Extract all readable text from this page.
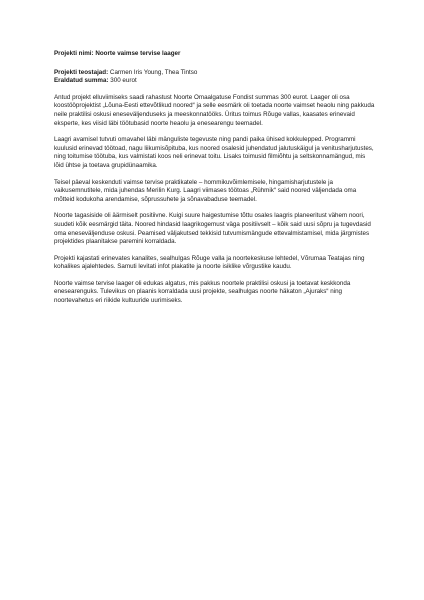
Projekti nimi: Noorte vaimse tervise laager
Projekti teostajad: Carmen Iris Young, Thea Tintso
Eraldatud summa: 300 eurot

Antud projekt elluviimiseks saadi rahastust Noorte Omaalgatuse Fondist summas 300 eurot. Laager oli osa koostööprojektist „Lõuna-Eesti ettevõtlikud noored“ ja selle eesmärk oli toetada noorte vaimset heaolu ning pakkuda neile praktilisi oskusi eneseväljenduseks ja meeskonnatööks. Üritus toimus Rõuge vallas, kaasates erinevaid eksperte, kes viisid läbi töötubasid noorte heaolu ja enesearengu teemadel.

Laagri avamisel tutvuti omavahel läbi mänguliste tegevuste ning pandi paika ühised kokkulepped. Programmi kuulusid erinevad töötoad, nagu liikumisõpituba, kus noored osalesid juhendatud jalutuskäigul ja venitusharjutustes, ning toitumise töötuba, kus valmistati koos neli erinevat toitu. Lisaks toimusid filmiõhtu ja seltskonnamängud, mis lõid ühtse ja toetava grupidünaamika.

Teisel päeval keskenduti vaimse tervise praktikatele – hommikuvõimlemisele, hingamisharjutustele ja vaikusemnutitele, mida juhendas Merilin Kurg. Laagri viimases töötoas „Rühmik“ said noored väljendada oma mõtteid kodukoha arendamise, sõprussuhete ja sõnavabaduse teemadel.

Noorte tagasiside oli äärmiselt positiivne. Kuigi suure haigestumise tõttu osales laagris planeeritust vähem noori, suudeti kõik eesmärgid täita. Noored hindasid laagrikogemust väga positiivselt – kõik said uusi sõpru ja tugevdasid oma eneseväljenduse oskusi. Peamised väljakutsed tekkisid tutvumismängude ettevalmistamisel, mida järgmistes projektides plaanitakse paremini korraldada.

Projekti kajastati erinevates kanalites, sealhulgas Rõuge valla ja noortekeskuse lehtedel, Võrumaa Teatajas ning kohalikes ajalehtedes. Samuti levitati infot plakatite ja noorte isiklike võrgustike kaudu.

Noorte vaimse tervise laager oli edukas algatus, mis pakkus noortele praktilisi oskusi ja toetavat keskkonda enesearenguks. Tulevikus on plaanis korraldada uusi projekte, sealhulgas noorte häkaton „Ajuraks“ ning noortevahetus eri riikide kultuuride uurimiseks.
